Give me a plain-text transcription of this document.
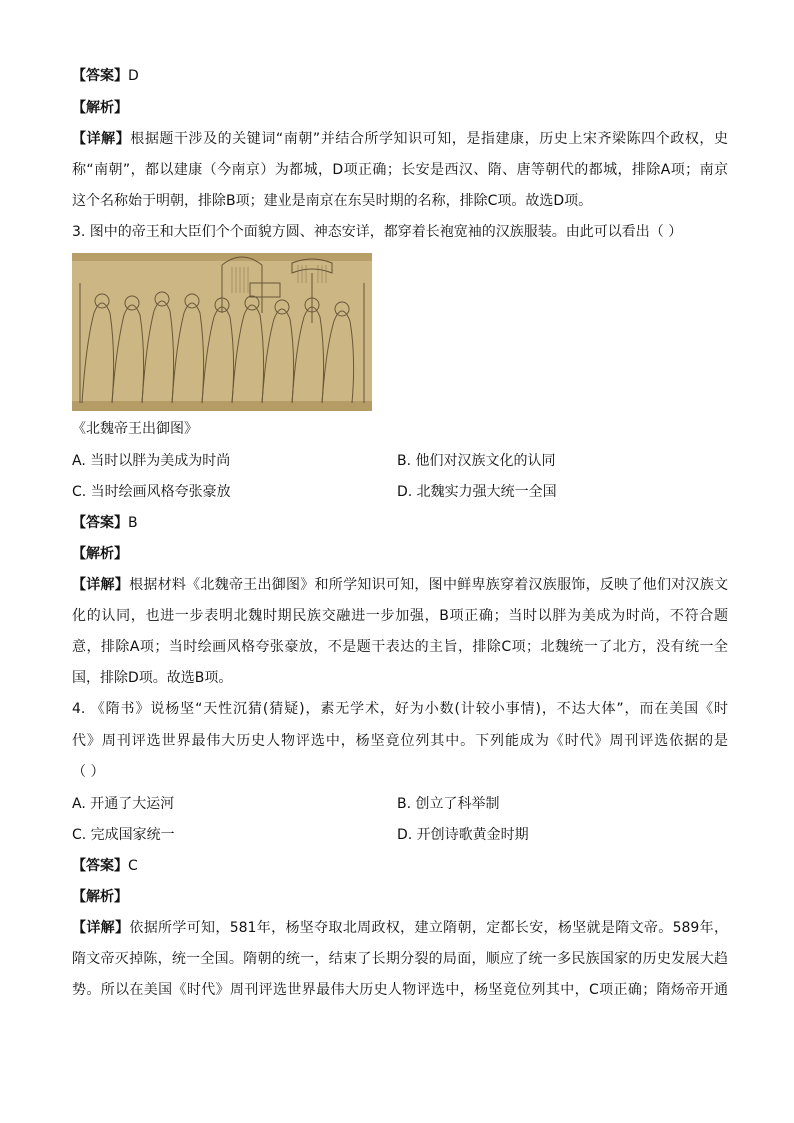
【答案】D
【解析】
【详解】根据题干涉及的关键词“南朝”并结合所学知识可知，是指建康，历史上宋齐梁陈四个政权，史
称“南朝”，都以建康（今南京）为都城，D项正确；长安是西汉、隋、唐等朝代的都城，排除A项；南京
这个名称始于明朝，排除B项；建业是南京在东吴时期的名称，排除C项。故选D项。
3. 图中的帝王和大臣们个个面貌方圆、神态安详，都穿着长袍宽袖的汉族服装。由此可以看出（ ）
《北魏帝王出御图》
A. 当时以胖为美成为时尚	B. 他们对汉族文化的认同
C. 当时绘画风格夸张豪放	D. 北魏实力强大统一全国
【答案】B
【解析】
【详解】根据材料《北魏帝王出御图》和所学知识可知，图中鲜卑族穿着汉族服饰，反映了他们对汉族文
化的认同，也进一步表明北魏时期民族交融进一步加强，B项正确；当时以胖为美成为时尚，不符合题
意，排除A项；当时绘画风格夸张豪放，不是题干表达的主旨，排除C项；北魏统一了北方，没有统一全
国，排除D项。故选B项。
4. 《隋书》说杨坚“天性沉猜(猜疑)，素无学术，好为小数(计较小事情)，不达大体”，而在美国《时
代》周刊评选世界最伟大历史人物评选中，杨坚竟位列其中。下列能成为《时代》周刊评选依据的是
（ ）
A. 开通了大运河	B. 创立了科举制
C. 完成国家统一	D. 开创诗歌黄金时期
【答案】C
【解析】
【详解】依据所学可知，581年，杨坚夺取北周政权，建立隋朝，定都长安，杨坚就是隋文帝。589年，
隋文帝灭掉陈，统一全国。隋朝的统一，结束了长期分裂的局面，顺应了统一多民族国家的历史发展大趋
势。所以在美国《时代》周刊评选世界最伟大历史人物评选中，杨坚竟位列其中，C项正确；隋炀帝开通
